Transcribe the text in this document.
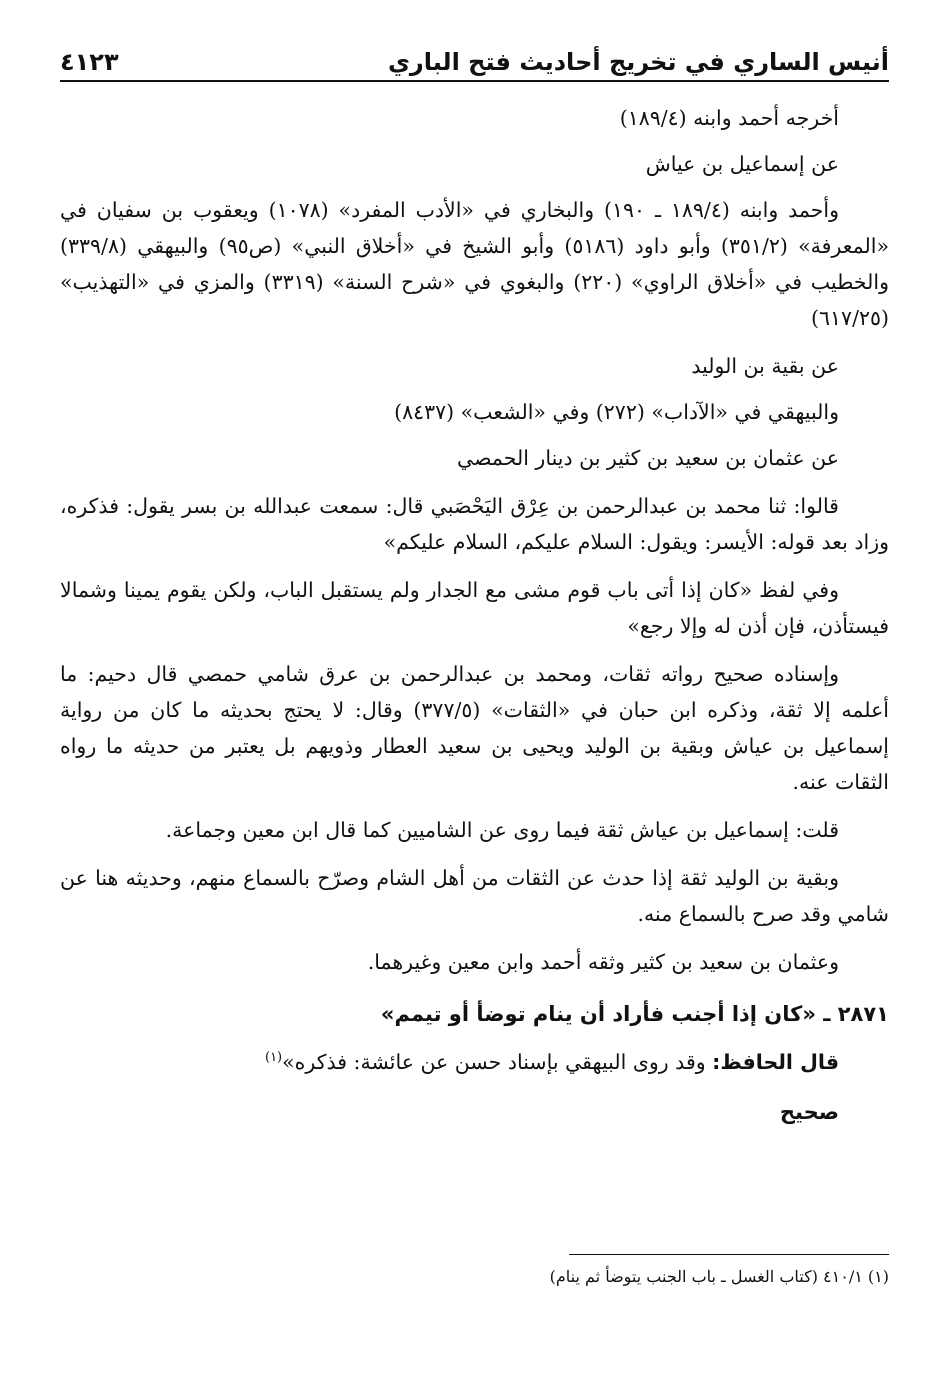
أنيس الساري في تخريج أحاديث فتح الباري
٤١٢٣

أخرجه أحمد وابنه (١٨٩/٤)

عن إسماعيل بن عياش

وأحمد وابنه (١٨٩/٤ ـ ١٩٠) والبخاري في «الأدب المفرد» (١٠٧٨) ويعقوب بن سفيان في «المعرفة» (٣٥١/٢) وأبو داود (٥١٨٦) وأبو الشيخ في «أخلاق النبي» (ص٩٥) والبيهقي (٣٣٩/٨) والخطيب في «أخلاق الراوي» (٢٢٠) والبغوي في «شرح السنة» (٣٣١٩) والمزي في «التهذيب» (٦١٧/٢٥)

عن بقية بن الوليد

والبيهقي في «الآداب» (٢٧٢) وفي «الشعب» (٨٤٣٧)

عن عثمان بن سعيد بن كثير بن دينار الحمصي

قالوا: ثنا محمد بن عبدالرحمن بن عِرْق اليَحْصَبي قال: سمعت عبدالله بن بسر يقول: فذكره، وزاد بعد قوله: الأيسر: ويقول: السلام عليكم، السلام عليكم»

وفي لفظ «كان إذا أتى باب قوم مشى مع الجدار ولم يستقبل الباب، ولكن يقوم يمينا وشمالا فيستأذن، فإن أذن له وإلا رجع»

وإسناده صحيح رواته ثقات، ومحمد بن عبدالرحمن بن عرق شامي حمصي قال دحيم: ما أعلمه إلا ثقة، وذكره ابن حبان في «الثقات» (٣٧٧/٥) وقال: لا يحتج بحديثه ما كان من رواية إسماعيل بن عياش وبقية بن الوليد ويحيى بن سعيد العطار وذويهم بل يعتبر من حديثه ما رواه الثقات عنه.

قلت: إسماعيل بن عياش ثقة فيما روى عن الشاميين كما قال ابن معين وجماعة.

وبقية بن الوليد ثقة إذا حدث عن الثقات من أهل الشام وصرّح بالسماع منهم، وحديثه هنا عن شامي وقد صرح بالسماع منه.

وعثمان بن سعيد بن كثير وثقه أحمد وابن معين وغيرهما.

٢٨٧١ ـ «كان إذا أجنب فأراد أن ينام توضأ أو تيمم»

قال الحافظ: وقد روى البيهقي بإسناد حسن عن عائشة: فذكره»$^{(١)}$

صحيح

(١) ٤١٠/١ (كتاب الغسل ـ باب الجنب يتوضأ ثم ينام)
